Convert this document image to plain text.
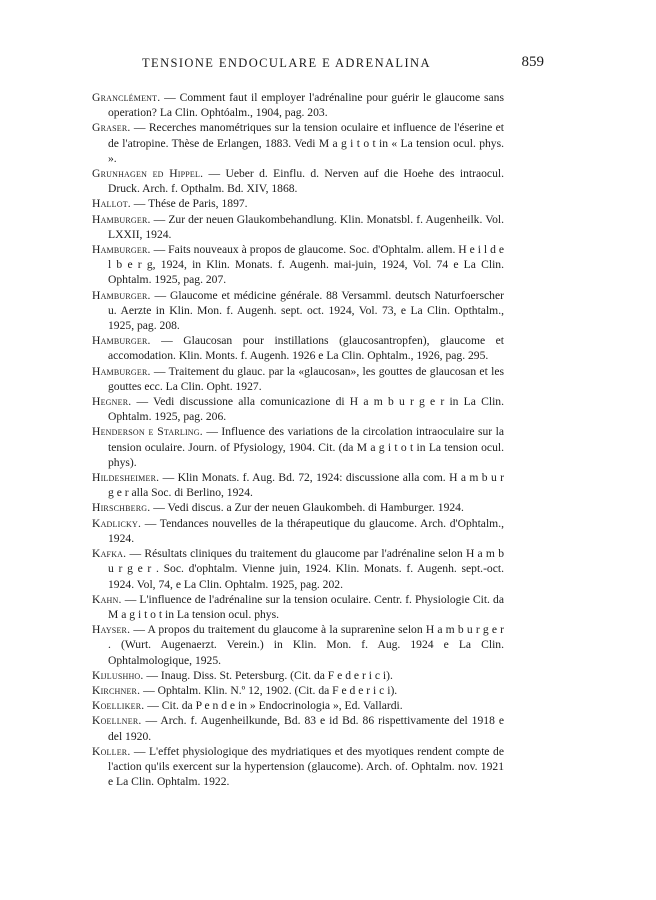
TENSIONE ENDOCULARE E ADRENALINA	859

Granclément. — Comment faut il employer l'adrénaline pour guérir le glaucome sans operation? La Clin. Ophtóalm., 1904, pag. 203.

Graser. — Recerches manométriques sur la tension oculaire et influence de l'éserine et de l'atropine. Thèse de Erlangen, 1883. Vedi M a g i t o t in « La tension ocul. phys. ».

Grunhagen ed Hippel. — Ueber d. Einflu. d. Nerven auf die Hoehe des intraocul. Druck. Arch. f. Opthalm. Bd. XIV, 1868.

Hallot. — Thése de Paris, 1897.

Hamburger. — Zur der neuen Glaukombehandlung. Klin. Monatsbl. f. Augenheilk. Vol. LXXII, 1924.

Hamburger. — Faits nouveaux à propos de glaucome. Soc. d'Ophtalm. allem. H e i l d e l b e r g, 1924, in Klin. Monats. f. Augenh. mai-juin, 1924, Vol. 74 e La Clin. Ophtalm. 1925, pag. 207.

Hamburger. — Glaucome et médicine générale. 88 Versamml. deutsch Naturfoerscher u. Aerzte in Klin. Mon. f. Augenh. sept. oct. 1924, Vol. 73, e La Clin. Opthtalm., 1925, pag. 208.

Hamburger. — Glaucosan pour instillations (glaucosantropfen), glaucome et accomodation. Klin. Monts. f. Augenh. 1926 e La Clin. Ophtalm., 1926, pag. 295.

Hamburger. — Traitement du glauc. par la «glaucosan», les gouttes de glaucosan et les gouttes ecc. La Clin. Opht. 1927.

Hegner. — Vedi discussione alla comunicazione di H a m b u r g e r in La Clin. Ophtalm. 1925, pag. 206.

Henderson e Starling. — Influence des variations de la circolation intraoculaire sur la tension oculaire. Journ. of Pfysiology, 1904. Cit. (da M a g i t o t in La tension ocul. phys).

Hildesheimer. — Klin Monats. f. Aug. Bd. 72, 1924: discussione alla com. H a m b u r g e r alla Soc. di Berlino, 1924.

Hirschberg. — Vedi discus. a Zur der neuen Glaukombeh. di Hamburger. 1924.

Kadlicky. — Tendances nouvelles de la thérapeutique du glaucome. Arch. d'Ophtalm., 1924.

Kafka. — Résultats cliniques du traitement du glaucome par l'adrénaline selon H a m b u r g e r . Soc. d'ophtalm. Vienne juin, 1924. Klin. Monats. f. Augenh. sept.-oct. 1924. Vol, 74, e La Clin. Ophtalm. 1925, pag. 202.

Kahn. — L'influence de l'adrénaline sur la tension oculaire. Centr. f. Physiologie Cit. da M a g i t o t in La tension ocul. phys.

Hayser. — A propos du traitement du glaucome à la suprarenìne selon H a m b u r g e r . (Wurt. Augenaerzt. Verein.) in Klin. Mon. f. Aug. 1924 e La Clin. Ophtalmologique, 1925.

Kijlushho. — Inaug. Diss. St. Petersburg. (Cit. da F e d e r i c i).

Kirchner. — Ophtalm. Klin. N.º 12, 1902. (Cit. da F e d e r i c i).

Koelliker. — Cit. da P e n d e in » Endocrinologia », Ed. Vallardi.

Koellner. — Arch. f. Augenheilkunde, Bd. 83 e id Bd. 86 rispettivamente del 1918 e del 1920.

Koller. — L'effet physiologique des mydriatiques et des myotiques rendent compte de l'action qu'ils exercent sur la hypertension (glaucome). Arch. of. Ophtalm. nov. 1921 e La Clin. Ophtalm. 1922.
